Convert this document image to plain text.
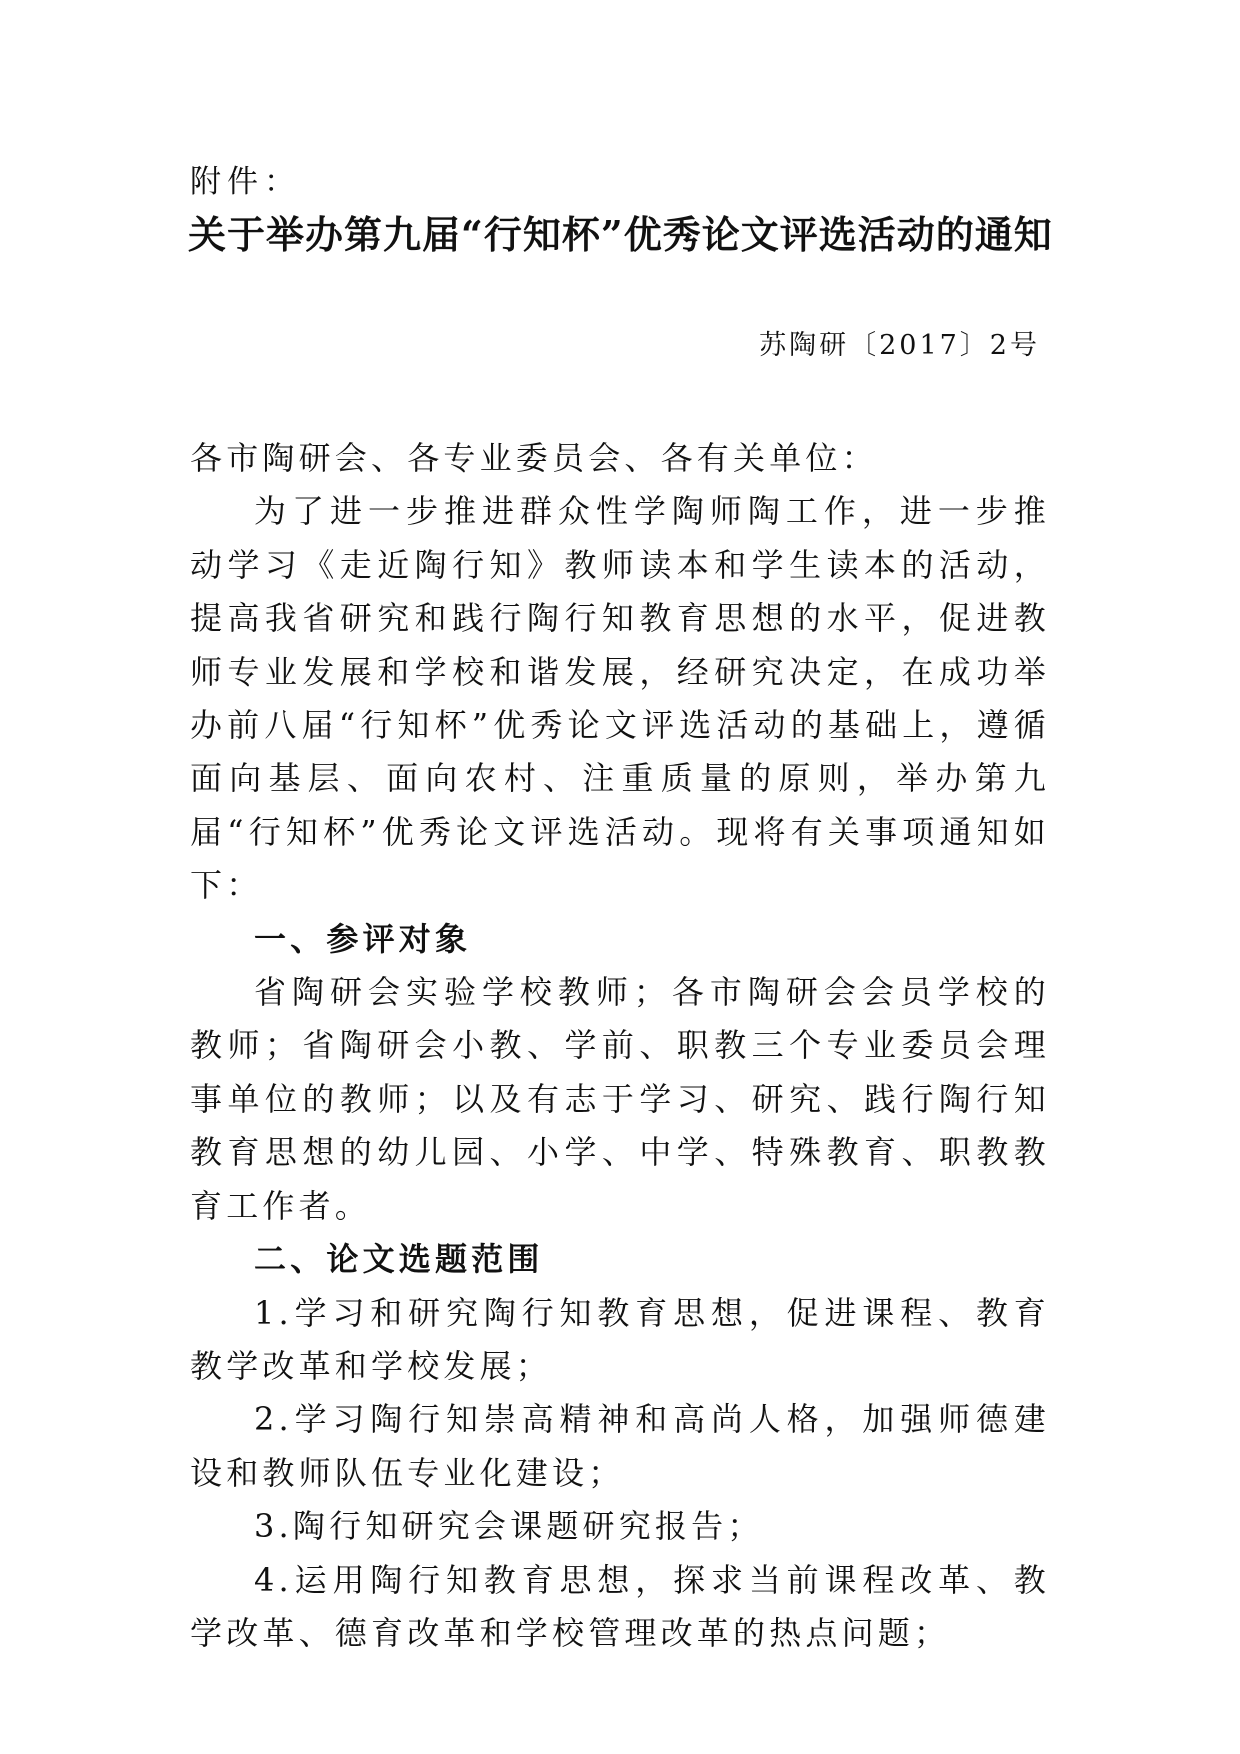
附件：
关于举办第九届“行知杯”优秀论文评选活动的通知
苏陶研〔2017〕2号

各市陶研会、各专业委员会、各有关单位：

为了进一步推进群众性学陶师陶工作，进一步推动学习《走近陶行知》教师读本和学生读本的活动，提高我省研究和践行陶行知教育思想的水平，促进教师专业发展和学校和谐发展，经研究决定，在成功举办前八届“行知杯”优秀论文评选活动的基础上，遵循面向基层、面向农村、注重质量的原则，举办第九届“行知杯”优秀论文评选活动。现将有关事项通知如下：

一、参评对象

省陶研会实验学校教师；各市陶研会会员学校的教师；省陶研会小教、学前、职教三个专业委员会理事单位的教师；以及有志于学习、研究、践行陶行知教育思想的幼儿园、小学、中学、特殊教育、职教教育工作者。

二、论文选题范围

1.学习和研究陶行知教育思想，促进课程、教育教学改革和学校发展；

2.学习陶行知崇高精神和高尚人格，加强师德建设和教师队伍专业化建设；

3.陶行知研究会课题研究报告；

4.运用陶行知教育思想，探求当前课程改革、教学改革、德育改革和学校管理改革的热点问题；
